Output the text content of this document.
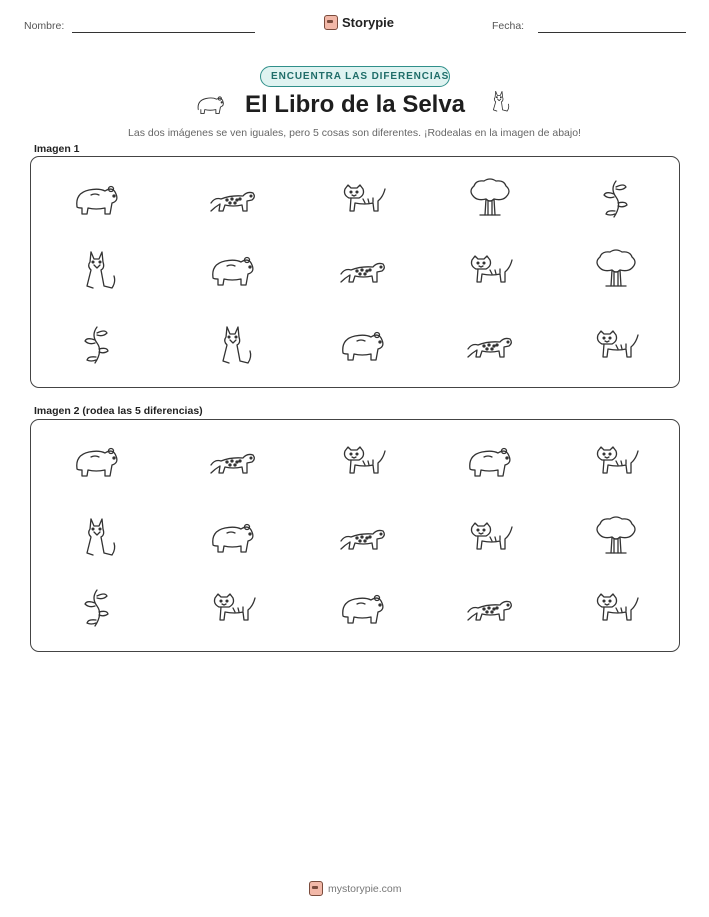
Nombre:	Storypie	Fecha:
ENCUENTRA LAS DIFERENCIAS
El Libro de la Selva
Las dos imágenes se ven iguales, pero 5 cosas son diferentes. ¡Rodealas en la imagen de abajo!
Imagen 1
Imagen 2 (rodea las 5 diferencias)
mystorypie.com
